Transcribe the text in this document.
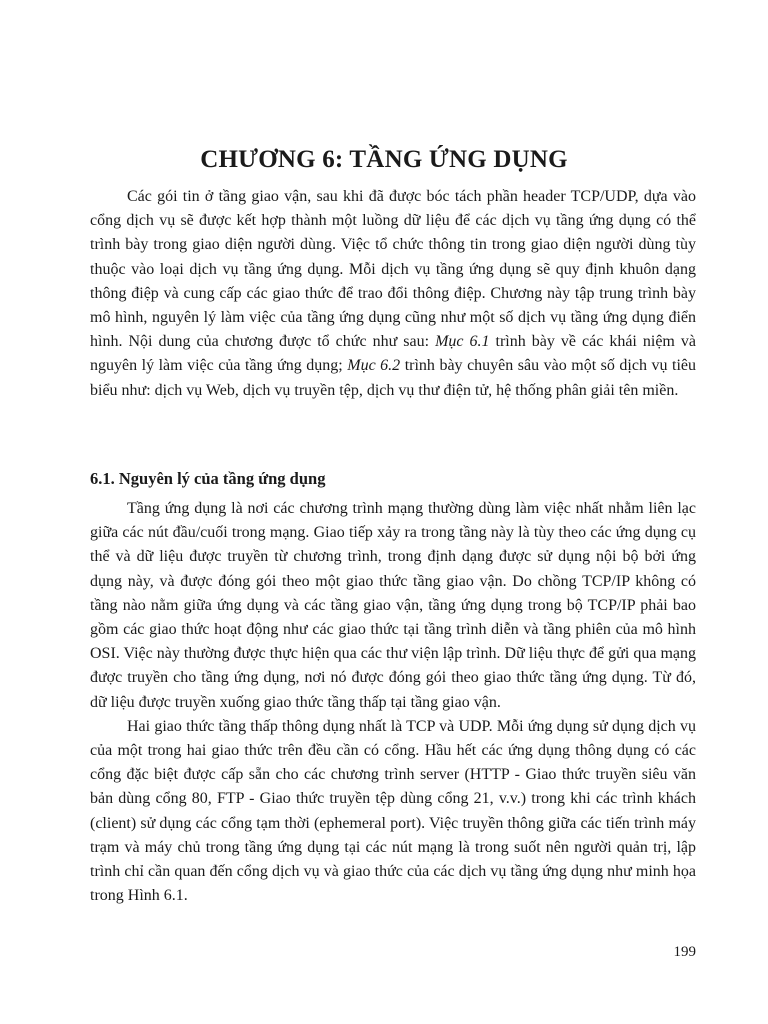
CHƯƠNG 6: TẦNG ỨNG DỤNG

Các gói tin ở tầng giao vận, sau khi đã được bóc tách phần header TCP/UDP, dựa vào cổng dịch vụ sẽ được kết hợp thành một luồng dữ liệu để các dịch vụ tầng ứng dụng có thể trình bày trong giao diện người dùng. Việc tổ chức thông tin trong giao diện người dùng tùy thuộc vào loại dịch vụ tầng ứng dụng. Mỗi dịch vụ tầng ứng dụng sẽ quy định khuôn dạng thông điệp và cung cấp các giao thức để trao đổi thông điệp. Chương này tập trung trình bày mô hình, nguyên lý làm việc của tầng ứng dụng cũng như một số dịch vụ tầng ứng dụng điển hình. Nội dung của chương được tổ chức như sau: Mục 6.1 trình bày về các khái niệm và nguyên lý làm việc của tầng ứng dụng; Mục 6.2 trình bày chuyên sâu vào một số dịch vụ tiêu biểu như: dịch vụ Web, dịch vụ truyền tệp, dịch vụ thư điện tử, hệ thống phân giải tên miền.

6.1. Nguyên lý của tầng ứng dụng

Tầng ứng dụng là nơi các chương trình mạng thường dùng làm việc nhất nhằm liên lạc giữa các nút đầu/cuối trong mạng. Giao tiếp xảy ra trong tầng này là tùy theo các ứng dụng cụ thể và dữ liệu được truyền từ chương trình, trong định dạng được sử dụng nội bộ bởi ứng dụng này, và được đóng gói theo một giao thức tầng giao vận. Do chồng TCP/IP không có tầng nào nằm giữa ứng dụng và các tầng giao vận, tầng ứng dụng trong bộ TCP/IP phải bao gồm các giao thức hoạt động như các giao thức tại tầng trình diễn và tầng phiên của mô hình OSI. Việc này thường được thực hiện qua các thư viện lập trình. Dữ liệu thực để gửi qua mạng được truyền cho tầng ứng dụng, nơi nó được đóng gói theo giao thức tầng ứng dụng. Từ đó, dữ liệu được truyền xuống giao thức tầng thấp tại tầng giao vận.

Hai giao thức tầng thấp thông dụng nhất là TCP và UDP. Mỗi ứng dụng sử dụng dịch vụ của một trong hai giao thức trên đều cần có cổng. Hầu hết các ứng dụng thông dụng có các cổng đặc biệt được cấp sẵn cho các chương trình server (HTTP - Giao thức truyền siêu văn bản dùng cổng 80, FTP - Giao thức truyền tệp dùng cổng 21, v.v.) trong khi các trình khách (client) sử dụng các cổng tạm thời (ephemeral port). Việc truyền thông giữa các tiến trình máy trạm và máy chủ trong tầng ứng dụng tại các nút mạng là trong suốt nên người quản trị, lập trình chỉ cần quan đến cổng dịch vụ và giao thức của các dịch vụ tầng ứng dụng như minh họa trong Hình 6.1.

199
